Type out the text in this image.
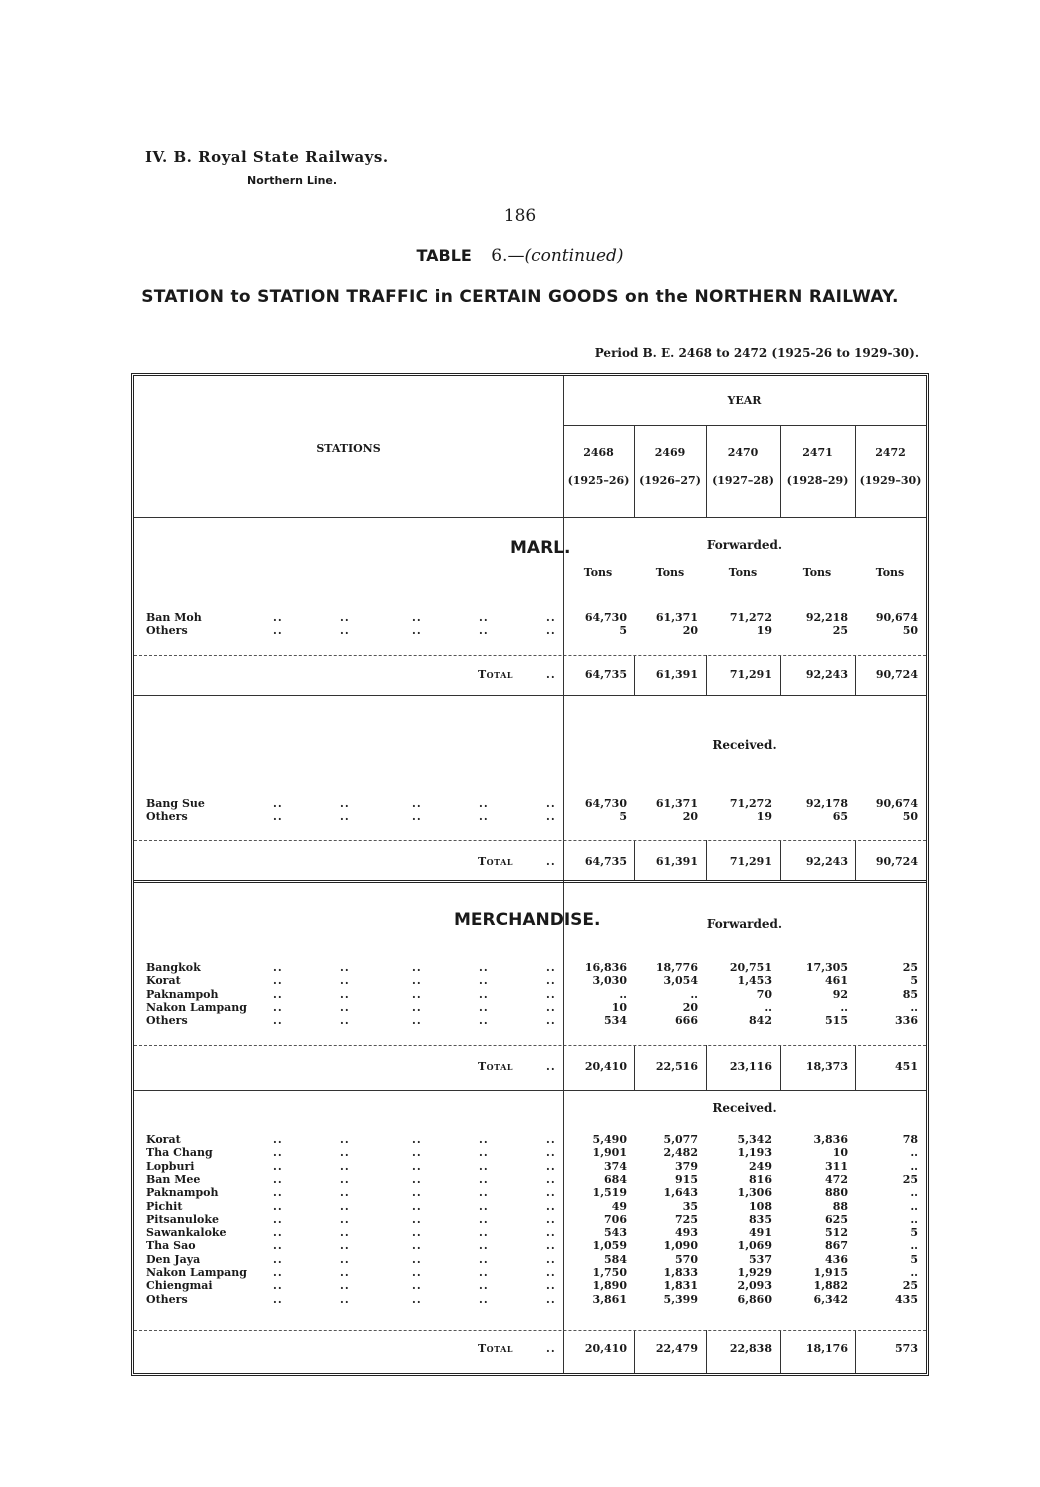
IV. B. Royal State Railways.
Northern Line.
186
TABLE 6.—(continued)
STATION to STATION TRAFFIC in CERTAIN GOODS on the NORTHERN RAILWAY.
Period B. E. 2468 to 2472 (1925-26 to 1929-30).
STATIONS
YEAR
2468
(1925–26)
2469
(1926–27)
2470
(1927–28)
2471
(1928–29)
2472
(1929–30)
MARL.	Forwarded.
Tons	Tons	Tons	Tons	Tons
Ban Moh	..	..	..	..	..	64,730	61,371	71,272	92,218	90,674
Others	..	..	..	..	..	5	20	19	25	50
Total	..	64,735	61,391	71,291	92,243	90,724
Received.
Bang Sue	..	..	..	..	..	64,730	61,371	71,272	92,178	90,674
Others	..	..	..	..	..	5	20	19	65	50
Total	..	64,735	61,391	71,291	92,243	90,724
MERCHANDISE.	Forwarded.
Bangkok	..	..	..	..	..	16,836	18,776	20,751	17,305	25
Korat	..	..	..	..	..	3,030	3,054	1,453	461	5
Paknampoh	..	..	..	..	..	..	..	70	92	85
Nakon Lampang ..	..	..	..	..	10	20	..	..	..
Others	..	..	..	..	..	534	666	842	515	336
Total	..	20,410	22,516	23,116	18,373	451
Received.
Korat	..	..	..	..	..	5,490	5,077	5,342	3,836	78
Tha Chang	..	..	..	..	..	1,901	2,482	1,193	10	..
Lopburi	..	..	..	..	..	374	379	249	311	..
Ban Mee	..	..	..	..	..	684	915	816	472	25
Paknampoh	..	..	..	..	..	1,519	1,643	1,306	880	..
Pichit	..	..	..	..	..	49	35	108	88	..
Pitsanuloke	..	..	..	..	..	706	725	835	625	..
Sawankaloke	..	..	..	..	..	543	493	491	512	5
Tha Sao	..	..	..	..	..	1,059	1,090	1,069	867	..
Den Jaya	..	..	..	..	..	584	570	537	436	5
Nakon Lampang ..	..	..	..	..	1,750	1,833	1,929	1,915	..
Chiengmai	..	..	..	..	..	1,890	1,831	2,093	1,882	25
Others	..	..	..	..	..	3,861	5,399	6,860	6,342	435
Total	..	20,410	22,479	22,838	18,176	573
